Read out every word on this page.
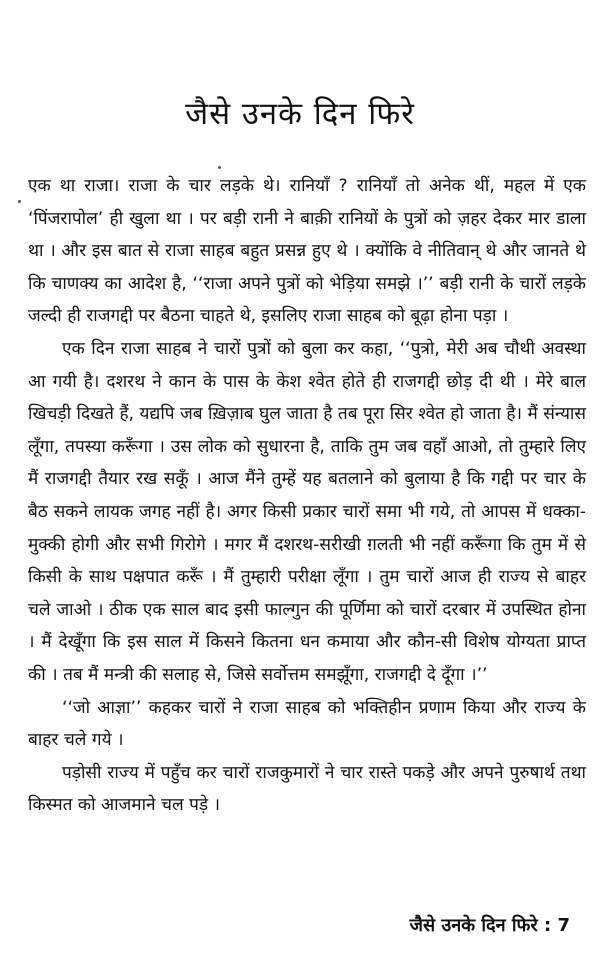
जैसे उनके दिन फिरे

एक था राजा। राजा के चार लड़के थे। रानियाँ ? रानियाँ तो अनेक थीं, महल में एक ‘पिंजरापोल’ ही खुला था । पर बड़ी रानी ने बाक़ी रानियों के पुत्रों को ज़हर देकर मार डाला था । और इस बात से राजा साहब बहुत प्रसन्न हुए थे । क्योंकि वे नीतिवान् थे और जानते थे कि चाणक्य का आदेश है, ‘‘राजा अपने पुत्रों को भेड़िया समझे ।’’ बड़ी रानी के चारों लड़के जल्दी ही राजगद्दी पर बैठना चाहते थे, इसलिए राजा साहब को बूढ़ा होना पड़ा ।

एक दिन राजा साहब ने चारों पुत्रों को बुला कर कहा, ‘‘पुत्रो, मेरी अब चौथी अवस्था आ गयी है। दशरथ ने कान के पास के केश श्वेत होते ही राजगद्दी छोड़ दी थी । मेरे बाल खिचड़ी दिखते हैं, यद्यपि जब ख़िज़ाब घुल जाता है तब पूरा सिर श्वेत हो जाता है। मैं संन्यास लूँगा, तपस्या करूँगा । उस लोक को सुधारना है, ताकि तुम जब वहाँ आओ, तो तुम्हारे लिए मैं राजगद्दी तैयार रख सकूँ । आज मैंने तुम्हें यह बतलाने को बुलाया है कि गद्दी पर चार के बैठ सकने लायक जगह नहीं है। अगर किसी प्रकार चारों समा भी गये, तो आपस में धक्का-मुक्की होगी और सभी गिरोगे । मगर मैं दशरथ-सरीखी ग़लती भी नहीं करूँगा कि तुम में से किसी के साथ पक्षपात करूँ । मैं तुम्हारी परीक्षा लूँगा । तुम चारों आज ही राज्य से बाहर चले जाओ । ठीक एक साल बाद इसी फाल्गुन की पूर्णिमा को चारों दरबार में उपस्थित होना । मैं देखूँगा कि इस साल में किसने कितना धन कमाया और कौन-सी विशेष योग्यता प्राप्त की । तब मैं मन्त्री की सलाह से, जिसे सर्वोत्तम समझूँगा, राजगद्दी दे दूँगा ।’’

‘‘जो आज्ञा’’ कहकर चारों ने राजा साहब को भक्तिहीन प्रणाम किया और राज्य के बाहर चले गये ।

पड़ोसी राज्य में पहुँच कर चारों राजकुमारों ने चार रास्ते पकड़े और अपने पुरुषार्थ तथा किस्मत को आजमाने चल पड़े ।

जैसे उनके दिन फिरे : 7
